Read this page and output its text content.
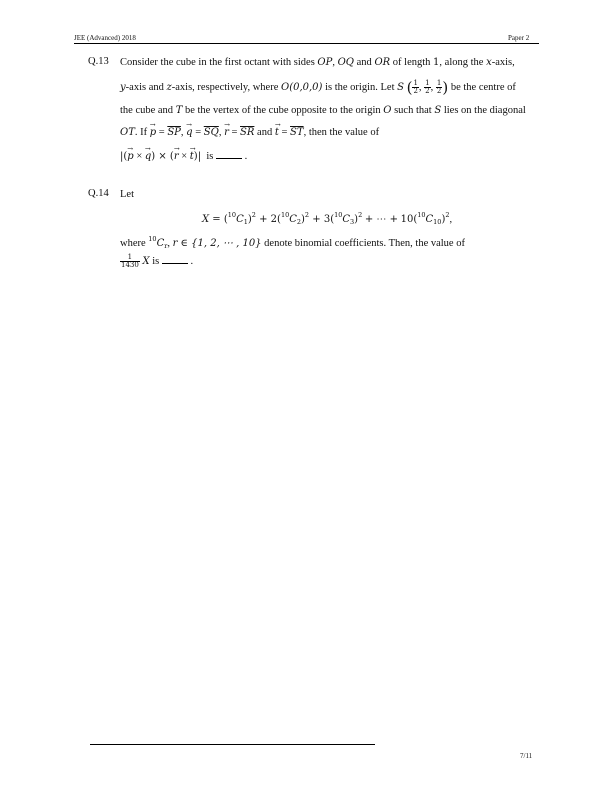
JEE (Advanced) 2018	Paper 2
Q.13 Consider the cube in the first octant with sides OP, OQ and OR of length 1, along the x-axis,
y-axis and z-axis, respectively, where O(0,0,0) is the origin. Let S ( $\frac{1}{2}$ , $\frac{1}{2}$ , $\frac{1}{2}$ ) be the centre of
the cube and T be the vertex of the cube opposite to the origin O such that S lies on the diagonal
OT. $If \to p = \overline{SP}$, → $q = \overline{SQ}$, → $r = \overline{SR}$ and → $t = \overline{ST}$, then the value of
|(→ p × → q) × (→ r × → t)| is	.
Q.14 Let
$X = (^{10}C_1)^2 + 2(^{10}C_2)^2 + 3(^{10}C_3)^2$ + ⋯ + $10(^{10}C_{10})^2$,
where $^{10}C_r$, r ∈ {1, 2, ⋯ , 10} denote binomial coefficients. Then, the value of
$\frac{1}{1430}$ X is	.
7/11
